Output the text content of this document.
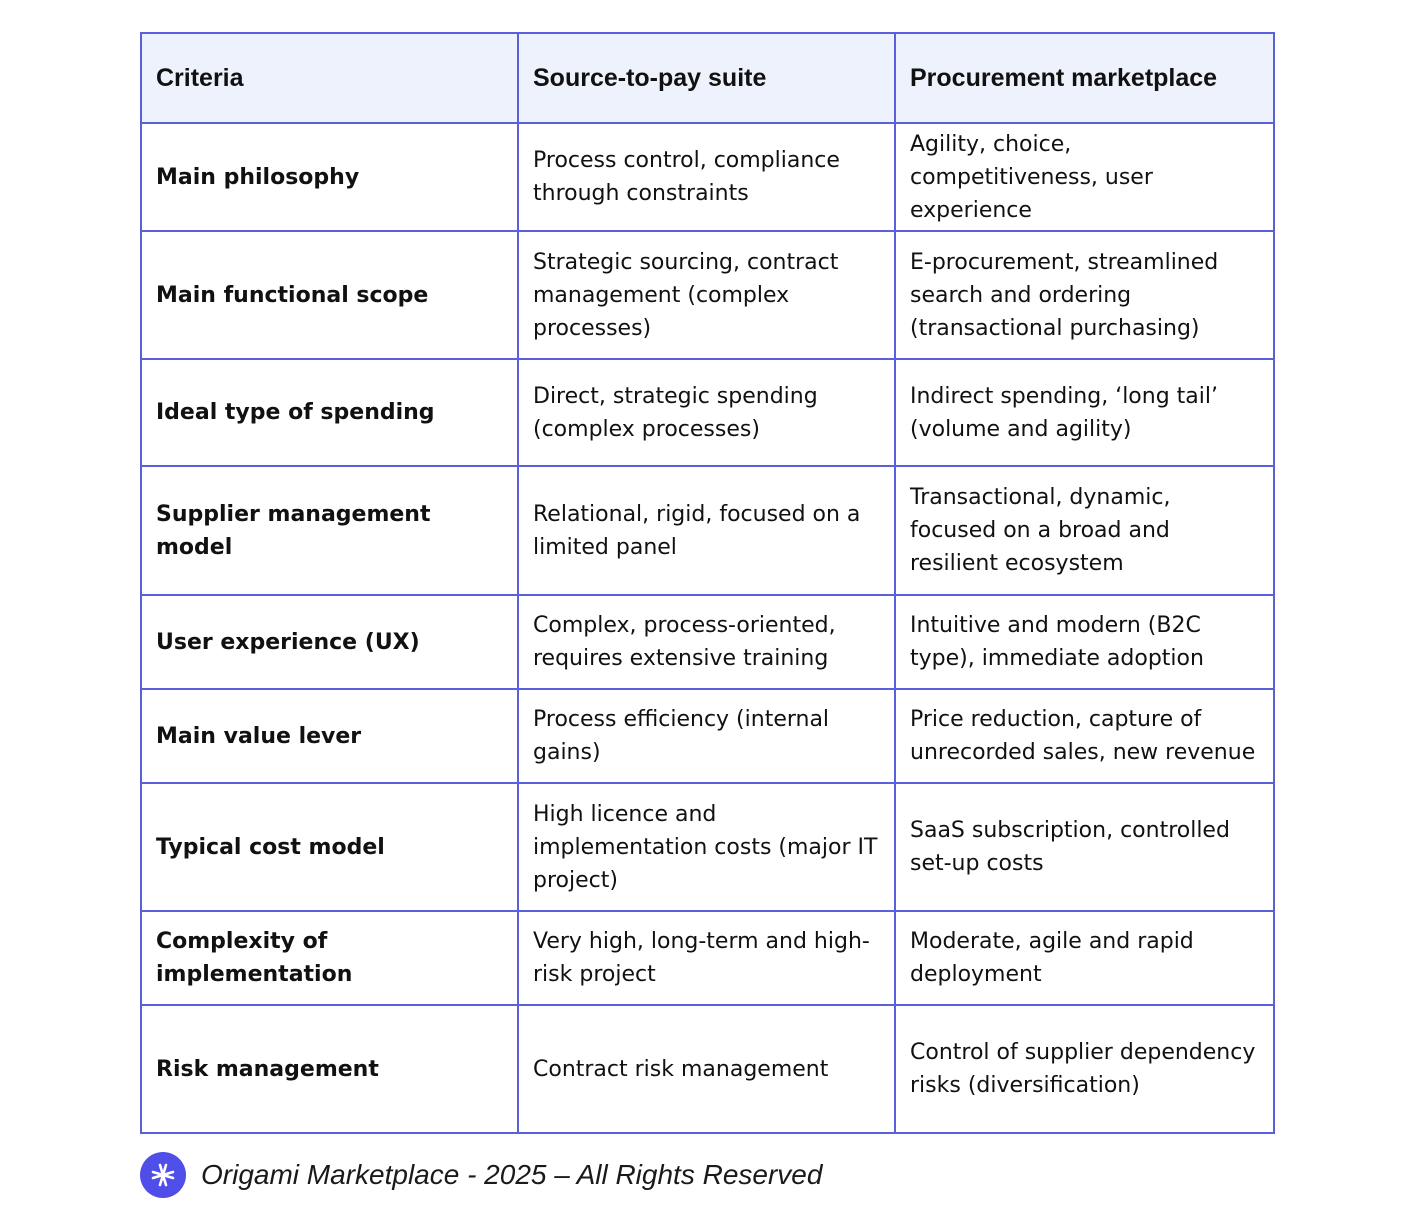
Criteria	Source-to-pay suite	Procurement marketplace
Main philosophy	Process control, compliance through constraints	Agility, choice, competitiveness, user experience
Main functional scope	Strategic sourcing, contract management (complex processes)	E-procurement, streamlined search and ordering (transactional purchasing)
Ideal type of spending	Direct, strategic spending (complex processes)	Indirect spending, ‘long tail’ (volume and agility)
Supplier management model	Relational, rigid, focused on a limited panel	Transactional, dynamic, focused on a broad and resilient ecosystem
User experience (UX)	Complex, process-oriented, requires extensive training	Intuitive and modern (B2C type), immediate adoption
Main value lever	Process efficiency (internal gains)	Price reduction, capture of unrecorded sales, new revenue
Typical cost model	High licence and implementation costs (major IT project)	SaaS subscription, controlled set-up costs
Complexity of implementation	Very high, long-term and high-risk project	Moderate, agile and rapid deployment
Risk management	Contract risk management	Control of supplier dependency risks (diversification)
Origami Marketplace - 2025 – All Rights Reserved
